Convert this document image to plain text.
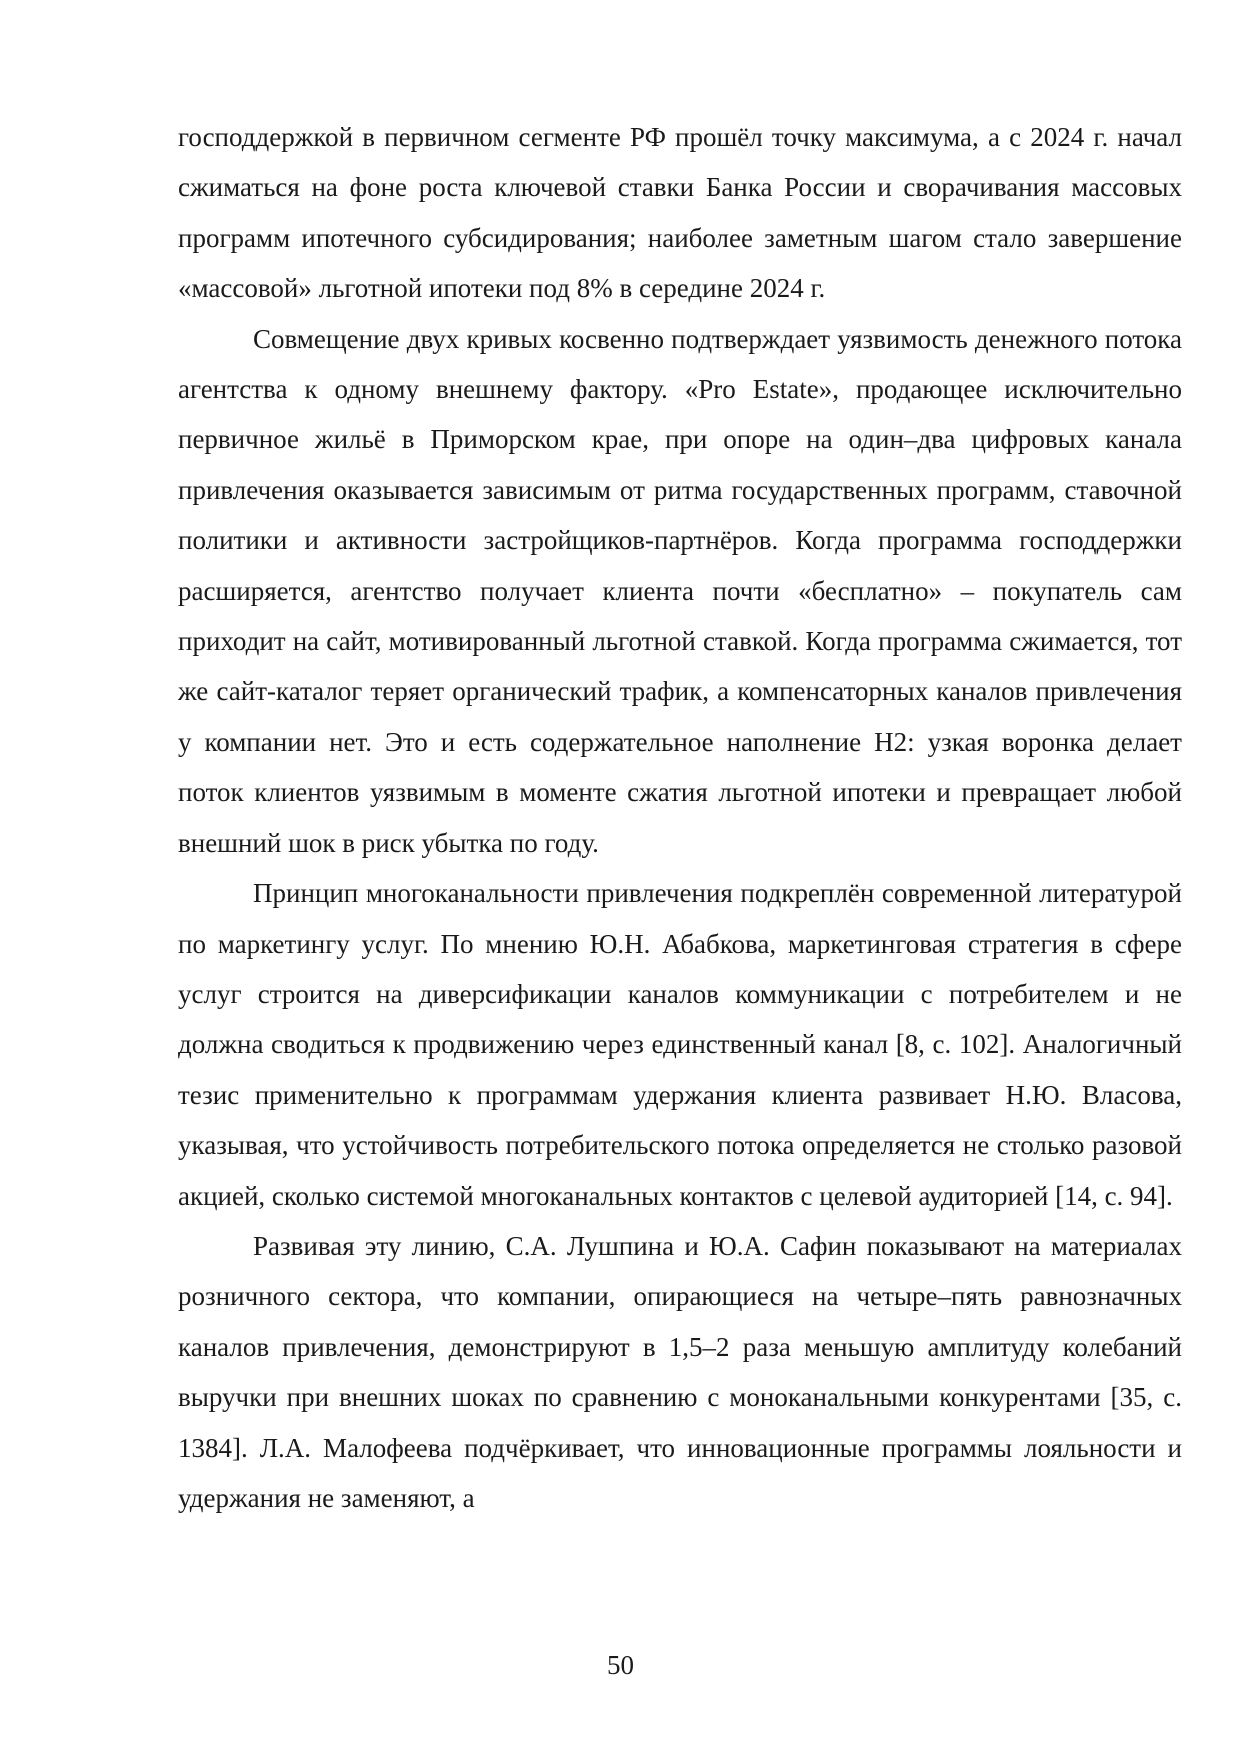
господдержкой в первичном сегменте РФ прошёл точку максимума, а с 2024 г. начал сжиматься на фоне роста ключевой ставки Банка России и сворачивания массовых программ ипотечного субсидирования; наиболее заметным шагом стало завершение «массовой» льготной ипотеки под 8% в середине 2024 г.

Совмещение двух кривых косвенно подтверждает уязвимость денежного потока агентства к одному внешнему фактору. «Pro Estate», продающее исключительно первичное жильё в Приморском крае, при опоре на один–два цифровых канала привлечения оказывается зависимым от ритма государственных программ, ставочной политики и активности застройщиков-партнёров. Когда программа господдержки расширяется, агентство получает клиента почти «бесплатно» – покупатель сам приходит на сайт, мотивированный льготной ставкой. Когда программа сжимается, тот же сайт-каталог теряет органический трафик, а компенсаторных каналов привлечения у компании нет. Это и есть содержательное наполнение H2: узкая воронка делает поток клиентов уязвимым в моменте сжатия льготной ипотеки и превращает любой внешний шок в риск убытка по году.

Принцип многоканальности привлечения подкреплён современной литературой по маркетингу услуг. По мнению Ю.Н. Абабкова, маркетинговая стратегия в сфере услуг строится на диверсификации каналов коммуникации с потребителем и не должна сводиться к продвижению через единственный канал [8, с. 102]. Аналогичный тезис применительно к программам удержания клиента развивает Н.Ю. Власова, указывая, что устойчивость потребительского потока определяется не столько разовой акцией, сколько системой многоканальных контактов с целевой аудиторией [14, с. 94].

Развивая эту линию, С.А. Лушпина и Ю.А. Сафин показывают на материалах розничного сектора, что компании, опирающиеся на четыре–пять равнозначных каналов привлечения, демонстрируют в 1,5–2 раза меньшую амплитуду колебаний выручки при внешних шоках по сравнению с моноканальными конкурентами [35, с. 1384]. Л.А. Малофеева подчёркивает, что инновационные программы лояльности и удержания не заменяют, а

50
